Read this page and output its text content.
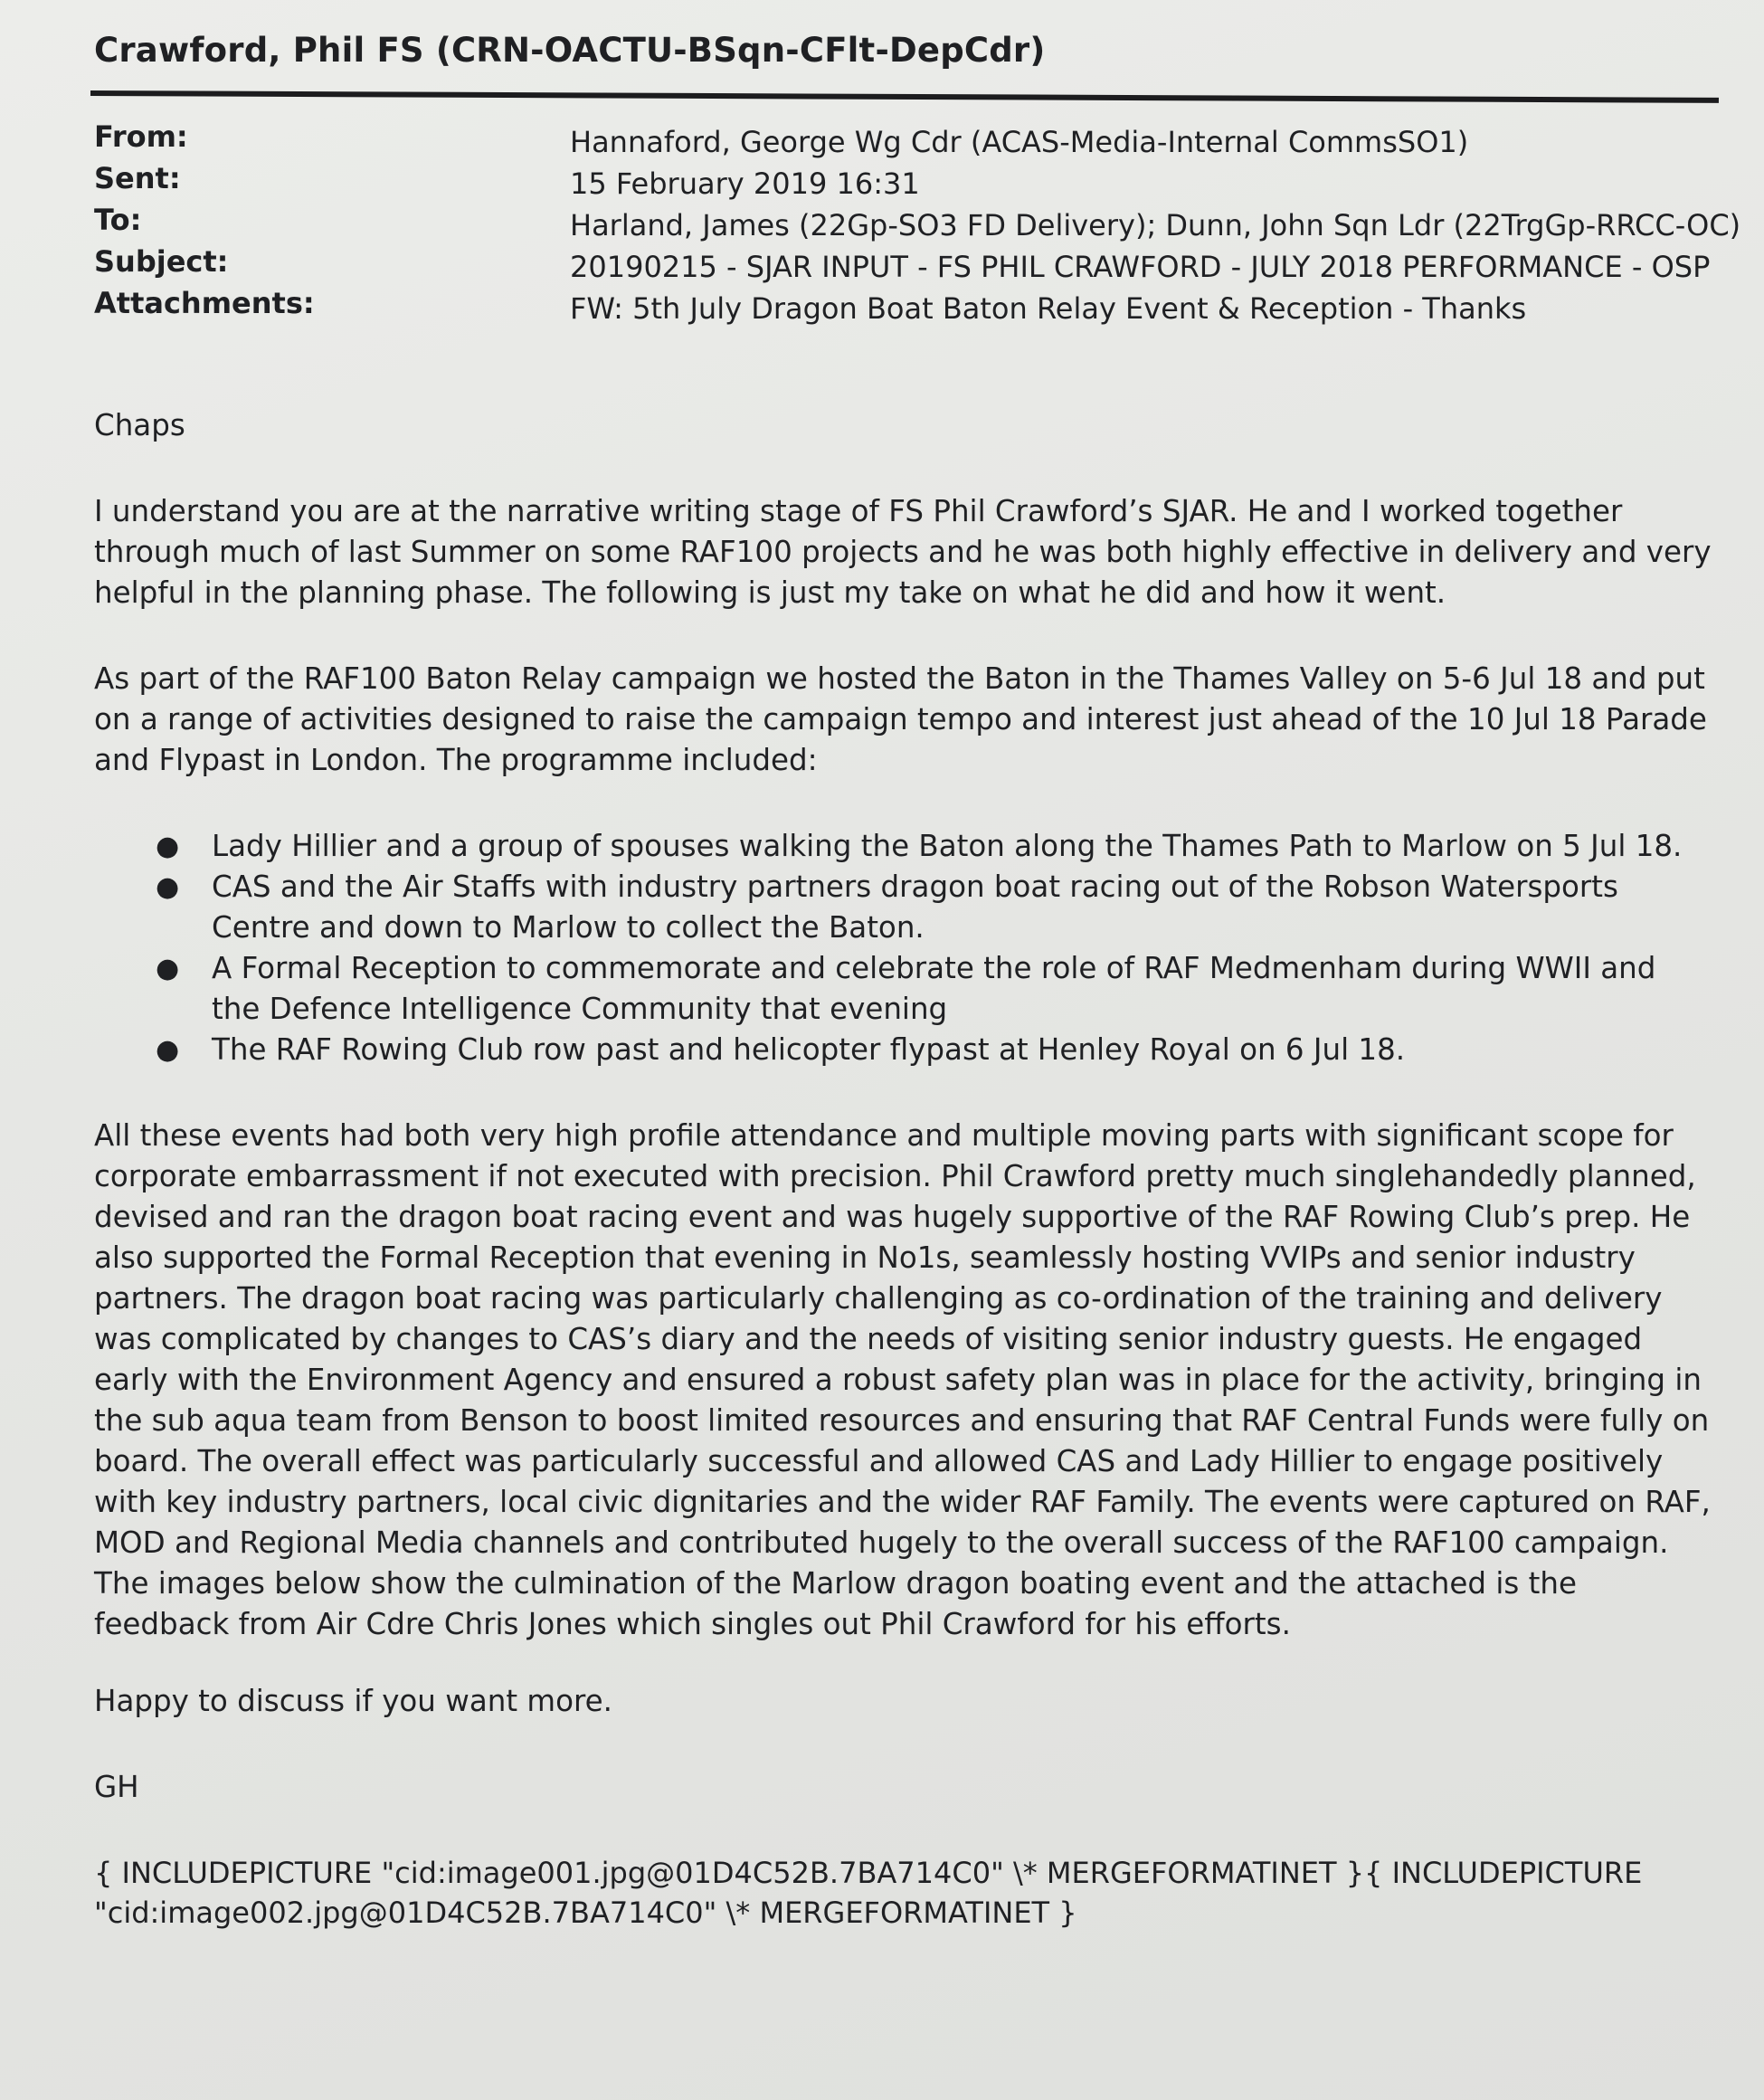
Crawford, Phil FS (CRN-OACTU-BSqn-CFlt-DepCdr)
From:	Hannaford, George Wg Cdr (ACAS-Media-Internal CommsSO1)
Sent:	15 February 2019 16:31
To:	Harland, James (22Gp-SO3 FD Delivery); Dunn, John Sqn Ldr (22TrgGp-RRCC-OC)
Subject:	20190215 - SJAR INPUT - FS PHIL CRAWFORD - JULY 2018 PERFORMANCE - OSP
Attachments:	FW: 5th July Dragon Boat Baton Relay Event & Reception - Thanks

Chaps

I understand you are at the narrative writing stage of FS Phil Crawford’s SJAR. He and I worked together through much of last Summer on some RAF100 projects and he was both highly effective in delivery and very helpful in the planning phase. The following is just my take on what he did and how it went.

As part of the RAF100 Baton Relay campaign we hosted the Baton in the Thames Valley on 5-6 Jul 18 and put on a range of activities designed to raise the campaign tempo and interest just ahead of the 10 Jul 18 Parade and Flypast in London. The programme included:

● Lady Hillier and a group of spouses walking the Baton along the Thames Path to Marlow on 5 Jul 18.
● CAS and the Air Staffs with industry partners dragon boat racing out of the Robson Watersports Centre and down to Marlow to collect the Baton.
● A Formal Reception to commemorate and celebrate the role of RAF Medmenham during WWII and the Defence Intelligence Community that evening
● The RAF Rowing Club row past and helicopter flypast at Henley Royal on 6 Jul 18.

All these events had both very high profile attendance and multiple moving parts with significant scope for corporate embarrassment if not executed with precision. Phil Crawford pretty much singlehandedly planned, devised and ran the dragon boat racing event and was hugely supportive of the RAF Rowing Club’s prep. He also supported the Formal Reception that evening in No1s, seamlessly hosting VVIPs and senior industry partners. The dragon boat racing was particularly challenging as co-ordination of the training and delivery was complicated by changes to CAS’s diary and the needs of visiting senior industry guests. He engaged early with the Environment Agency and ensured a robust safety plan was in place for the activity, bringing in the sub aqua team from Benson to boost limited resources and ensuring that RAF Central Funds were fully on board. The overall effect was particularly successful and allowed CAS and Lady Hillier to engage positively with key industry partners, local civic dignitaries and the wider RAF Family. The events were captured on RAF, MOD and Regional Media channels and contributed hugely to the overall success of the RAF100 campaign. The images below show the culmination of the Marlow dragon boating event and the attached is the feedback from Air Cdre Chris Jones which singles out Phil Crawford for his efforts.

Happy to discuss if you want more.

GH

{ INCLUDEPICTURE "cid:image001.jpg@01D4C52B.7BA714C0" \* MERGEFORMATINET }{ INCLUDEPICTURE "cid:image002.jpg@01D4C52B.7BA714C0" \* MERGEFORMATINET }
